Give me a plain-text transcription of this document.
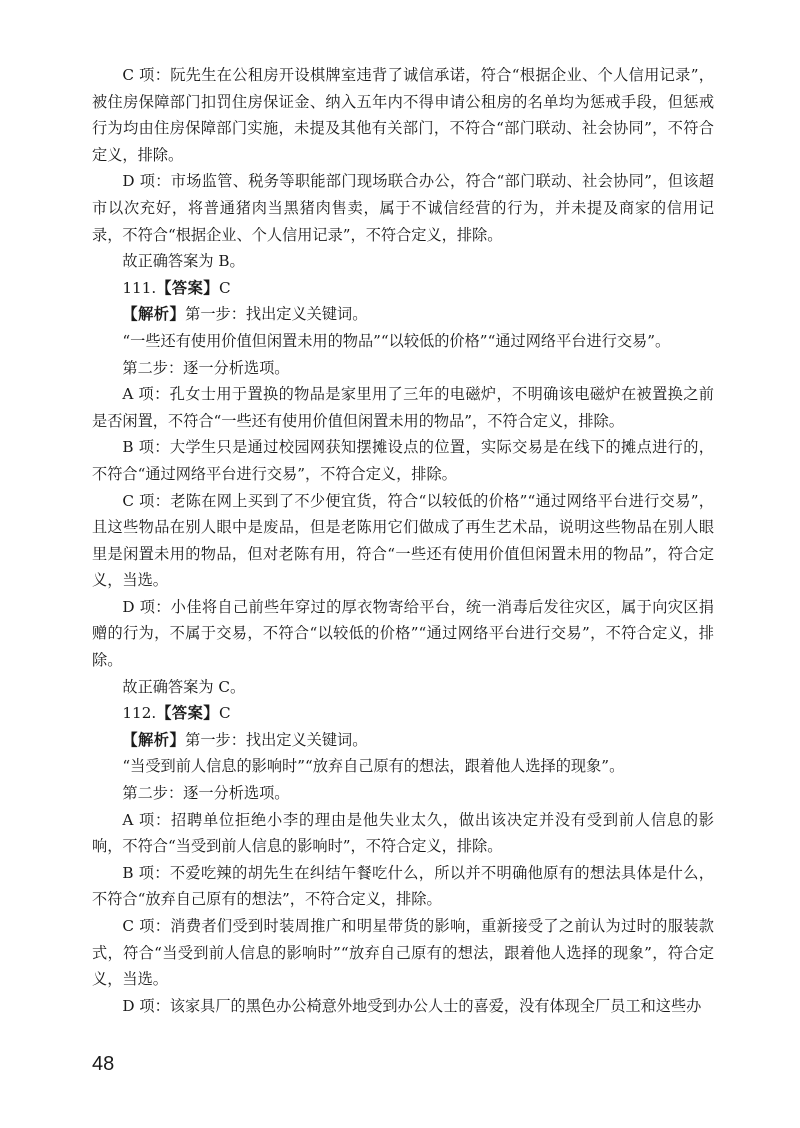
C 项：阮先生在公租房开设棋牌室违背了诚信承诺，符合“根据企业、个人信用记录”，被住房保障部门扣罚住房保证金、纳入五年内不得申请公租房的名单均为惩戒手段，但惩戒行为均由住房保障部门实施，未提及其他有关部门，不符合“部门联动、社会协同”，不符合定义，排除。

D 项：市场监管、税务等职能部门现场联合办公，符合“部门联动、社会协同”，但该超市以次充好，将普通猪肉当黑猪肉售卖，属于不诚信经营的行为，并未提及商家的信用记录，不符合“根据企业、个人信用记录”，不符合定义，排除。

故正确答案为 B。

111.【答案】C

【解析】第一步：找出定义关键词。

“一些还有使用价值但闲置未用的物品”“以较低的价格”“通过网络平台进行交易”。

第二步：逐一分析选项。

A 项：孔女士用于置换的物品是家里用了三年的电磁炉，不明确该电磁炉在被置换之前是否闲置，不符合“一些还有使用价值但闲置未用的物品”，不符合定义，排除。

B 项：大学生只是通过校园网获知摆摊设点的位置，实际交易是在线下的摊点进行的，不符合“通过网络平台进行交易”，不符合定义，排除。

C 项：老陈在网上买到了不少便宜货，符合“以较低的价格”“通过网络平台进行交易”，且这些物品在别人眼中是废品，但是老陈用它们做成了再生艺术品，说明这些物品在别人眼里是闲置未用的物品，但对老陈有用，符合“一些还有使用价值但闲置未用的物品”，符合定义，当选。

D 项：小佳将自己前些年穿过的厚衣物寄给平台，统一消毒后发往灾区，属于向灾区捐赠的行为，不属于交易，不符合“以较低的价格”“通过网络平台进行交易”，不符合定义，排除。

故正确答案为 C。

112.【答案】C

【解析】第一步：找出定义关键词。

“当受到前人信息的影响时”“放弃自己原有的想法，跟着他人选择的现象”。

第二步：逐一分析选项。

A 项：招聘单位拒绝小李的理由是他失业太久，做出该决定并没有受到前人信息的影响，不符合“当受到前人信息的影响时”，不符合定义，排除。

B 项：不爱吃辣的胡先生在纠结午餐吃什么，所以并不明确他原有的想法具体是什么，不符合“放弃自己原有的想法”，不符合定义，排除。

C 项：消费者们受到时装周推广和明星带货的影响，重新接受了之前认为过时的服装款式，符合“当受到前人信息的影响时”“放弃自己原有的想法，跟着他人选择的现象”，符合定义，当选。

D 项：该家具厂的黑色办公椅意外地受到办公人士的喜爱，没有体现全厂员工和这些办

48
